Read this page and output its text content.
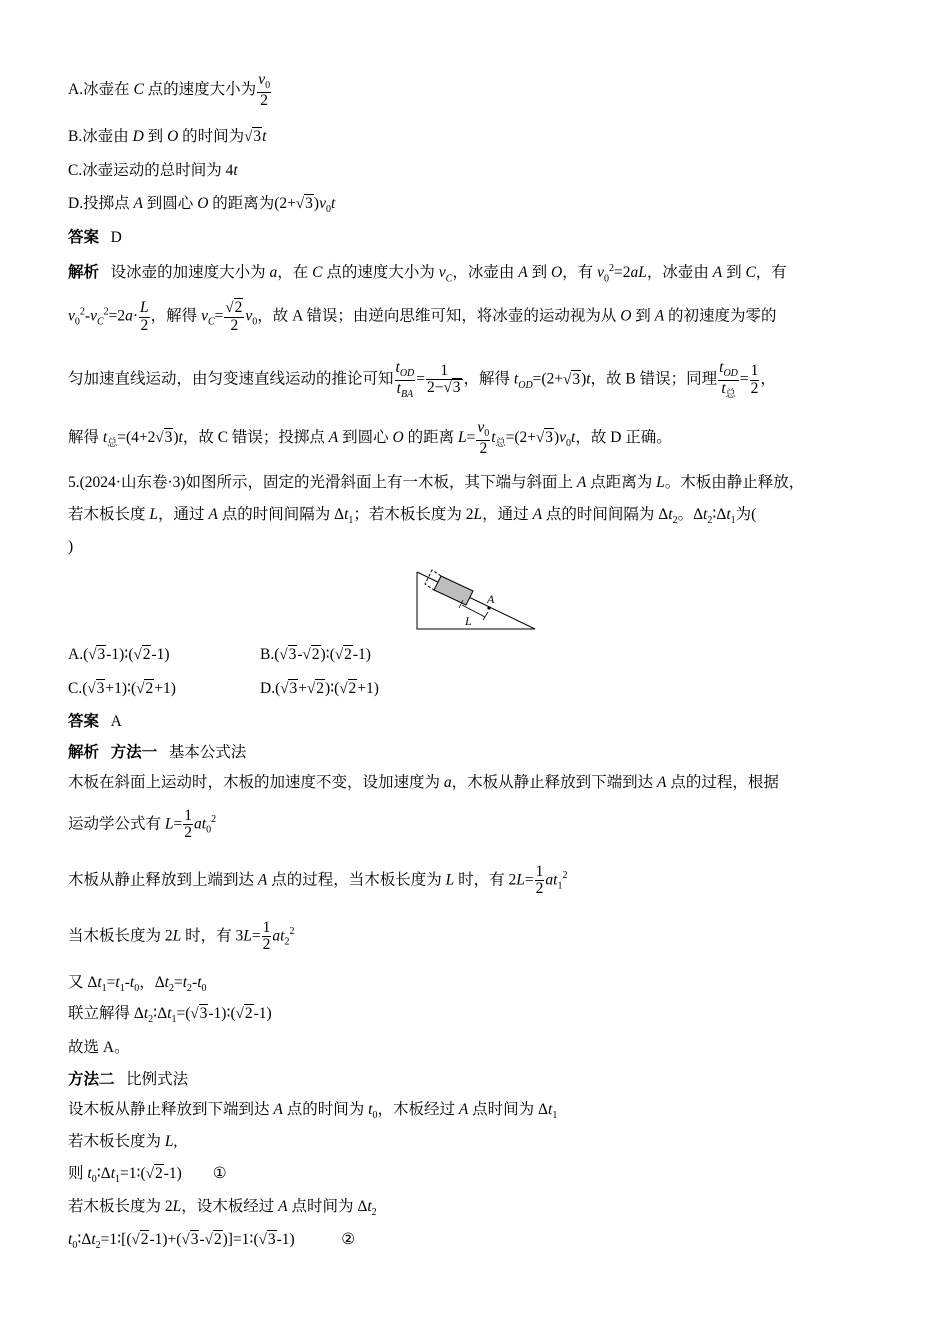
A.冰壶在 C 点的速度大小为 $\frac{v_0}{2}$
B.冰壶由 D 到 O 的时间为√3t
C.冰壶运动的总时间为 4t
D.投掷点 A 到圆心 O 的距离为$(2+√3)v_0t$
答案 D
解析   设冰壶的加速度大小为 a，在 C 点的速度大小为 $v_C$，冰壶由 A 到 O，有 $v_0^2=2aL$，冰壶由 A 到 C，有
$v_0^2-v_C^2=2a\cdot \frac{L}{2}$ ，解得 $v_C= \frac{√2}{2} v_0$，故 A 错误；由逆向思维可知，将冰壶的运动视为从 O 到 A 的初速度为零的
匀加速直线运动，由匀变速直线运动的推论可知 $\frac{t_{OD}}{t_{BA}} = \frac{1}{2-√3}$ ，解得 $t_{OD}=(2+√3)t$，故 B 错误；同理 $\frac{t_{OD}}{t_总} = \frac{1}{2}$ ，
解得 $t_总=(4+2√3)t$，故 C 错误；投掷点 A 到圆心 O 的距离 $L= \frac{v_0}{2} t_总=(2+√3)v_0t$，故 D 正确。
5.(2024·山东卷·3)如图所示，固定的光滑斜面上有一木板，其下端与斜面上 A 点距离为 L。木板由静止释放，
若木板长度 L，通过 A 点的时间间隔为 $\Delta t_1$；若木板长度为 2L，通过 A 点的时间间隔为 $\Delta t_2$。$\Delta t_2∶\Delta t_1$为(
)
A
L
A.(√3-1)∶(√2-1)	B.(√3-√2)∶(√2-1)
C.(√3+1)∶(√2+1)	D.(√3+√2)∶(√2+1)
答案 A
解析 方法一 基本公式法
木板在斜面上运动时，木板的加速度不变，设加速度为 a，木板从静止释放到下端到达 A 点的过程，根据
运动学公式有 $L= \frac{1}{2} at_0^2$
木板从静止释放到上端到达 A 点的过程，当木板长度为 L 时，有 $2L= \frac{1}{2} at_1^2$
当木板长度为 2L 时，有 $3L= \frac{1}{2} at_2^2$
又 $\Delta t_1=t_1-t_0$，$\Delta t_2=t_2-t_0$
联立解得 $\Delta t_2∶\Delta t_1=(√3-1)∶(√2-1)$
故选 A。
方法二 比例式法
设木板从静止释放到下端到达 A 点的时间为 $t_0$，木板经过 A 点时间为 $\Delta t_1$
若木板长度为 L,
则 $t_0∶\Delta t_1=1∶(√2-1)$        ①
若木板长度为 2L，设木板经过 A 点时间为 $\Delta t_2$
$t_0∶\Delta t_2=1∶[(√2-1)+(√3-√2)]=1∶(√3-1)$            ②
